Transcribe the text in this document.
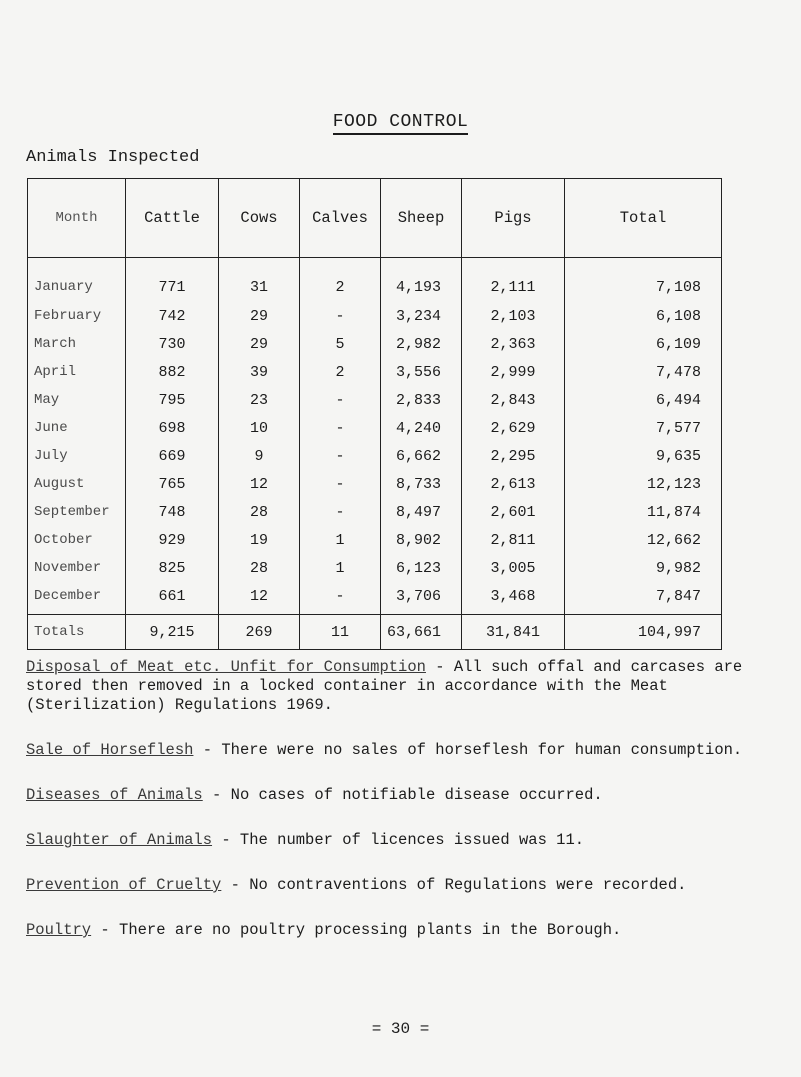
FOOD CONTROL
Animals Inspected
Month	Cattle	Cows	Calves	Sheep	Pigs	Total
January	771	31	2	4,193	2,111	7,108
February	742	29	-	3,234	2,103	6,108
March	730	29	5	2,982	2,363	6,109
April	882	39	2	3,556	2,999	7,478
May	795	23	-	2,833	2,843	6,494
June	698	10	-	4,240	2,629	7,577
July	669	9	-	6,662	2,295	9,635
August	765	12	-	8,733	2,613	12,123
September	748	28	-	8,497	2,601	11,874
October	929	19	1	8,902	2,811	12,662
November	825	28	1	6,123	3,005	9,982
December	661	12	-	3,706	3,468	7,847
Totals	9,215	269	11	63,661	31,841	104,997

Disposal of Meat etc. Unfit for Consumption - All such offal and carcases are stored then removed in a locked container in accordance with the Meat (Sterilization) Regulations 1969.

Sale of Horseflesh - There were no sales of horseflesh for human consumption.

Diseases of Animals - No cases of notifiable disease occurred.

Slaughter of Animals - The number of licences issued was 11.

Prevention of Cruelty - No contraventions of Regulations were recorded.

Poultry - There are no poultry processing plants in the Borough.

= 30 =
